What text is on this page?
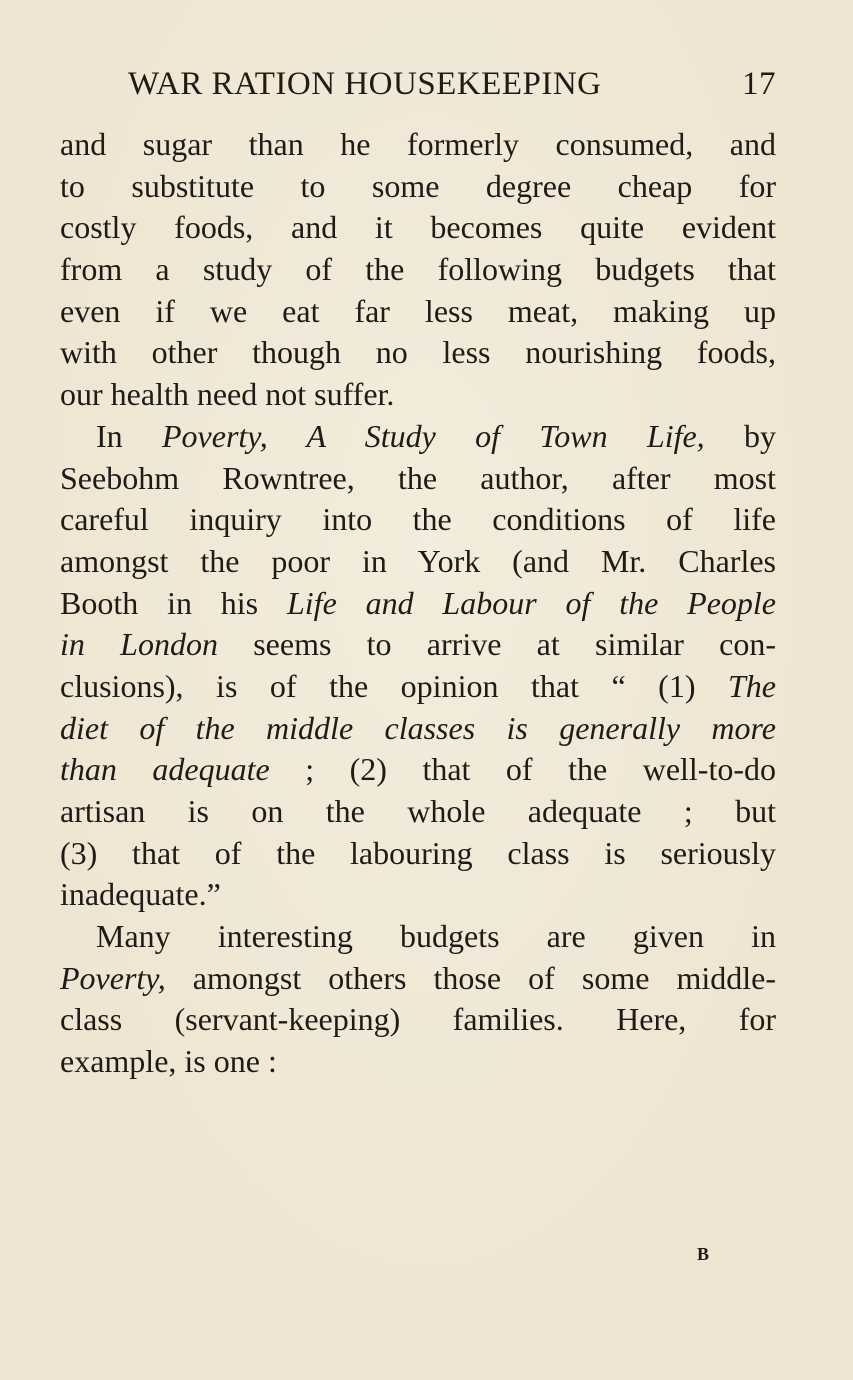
WAR RATION HOUSEKEEPING	17
and sugar than he formerly consumed, and
to substitute to some degree cheap for
costly foods, and it becomes quite evident
from a study of the following budgets that
even if we eat far less meat, making up
with other though no less nourishing foods,
our health need not suffer.
In Poverty, A Study of Town Life, by
Seebohm Rowntree, the author, after most
careful inquiry into the conditions of life
amongst the poor in York (and Mr. Charles
Booth in his Life and Labour of the People
in London seems to arrive at similar con-
clusions), is of the opinion that “ (1) The
diet of the middle classes is generally more
than adequate ; (2) that of the well-to-do
artisan is on the whole adequate ; but
(3) that of the labouring class is seriously
inadequate.”
Many interesting budgets are given in
Poverty, amongst others those of some middle-
class (servant-keeping) families. Here, for
example, is one :
B
